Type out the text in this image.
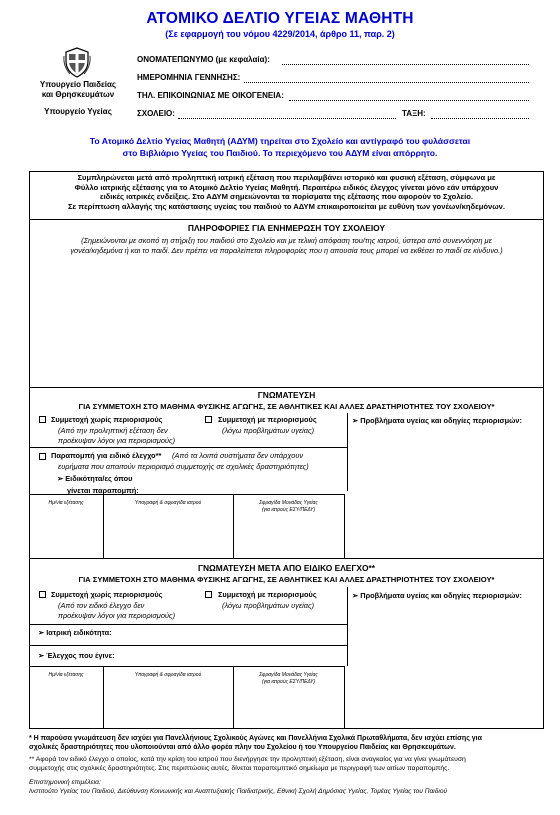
ΑΤΟΜΙΚΟ ΔΕΛΤΙΟ ΥΓΕΙΑΣ ΜΑΘΗΤΗ
(Σε εφαρμογή του νόμου 4229/2014, άρθρο 11, παρ. 2)
Υπουργείο Παιδείας
και Θρησκευμάτων
Υπουργείο Υγείας
ΟΝΟΜΑΤΕΠΩΝΥΜΟ (με κεφαλαία):
ΗΜΕΡΟΜΗΝΙΑ ΓΕΝΝΗΣΗΣ:
ΤΗΛ. ΕΠΙΚΟΙΝΩΝΙΑΣ ΜΕ ΟΙΚΟΓΕΝΕΙΑ:
ΣΧΟΛΕΙΟ:	ΤΑΞΗ:
Το Ατομικό Δελτίο Υγείας Μαθητή (ΑΔΥΜ) τηρείται στο Σχολείο και αντίγραφό του φυλάσσεται
στο Βιβλιάριο Υγείας του Παιδιού. Το περιεχόμενο του ΑΔΥΜ είναι απόρρητο.
Συμπληρώνεται μετά από προληπτική ιατρική εξέταση που περιλαμβάνει ιστορικό και φυσική εξέταση, σύμφωνα με
Φύλλο ιατρικής εξέτασης για το Ατομικό Δελτίο Υγείας Μαθητή. Περαιτέρω ειδικός έλεγχος γίνεται μόνο εάν υπάρχουν
ειδικές ιατρικές ενδείξεις. Στο ΑΔΥΜ σημειώνονται τα πορίσματα της εξέτασης που αφορούν το Σχολείο.
Σε περίπτωση αλλαγής της κατάστασης υγείας του παιδιού το ΑΔΥΜ επικαιροποιείται με ευθύνη των γονέων/κηδεμόνων.
ΠΛΗΡΟΦΟΡΙΕΣ ΓΙΑ ΕΝΗΜΕΡΩΣΗ ΤΟΥ ΣΧΟΛΕΙΟΥ
(Σημειώνονται με σκοπό τη στήριξη του παιδιού στο Σχολείο και με τελική απόφαση του/της ιατρού, ύστερα από συνεννόηση με
γονέα/κηδεμόνα ή και το παιδί. Δεν πρέπει να παραλείπεται πληροφορίες που η απουσία τους μπορεί να εκθέσει το παιδί σε κίνδυνο.)
ΓΝΩΜΑΤΕΥΣΗ
ΓΙΑ ΣΥΜΜΕΤΟΧΗ ΣΤΟ ΜΑΘΗΜΑ ΦΥΣΙΚΗΣ ΑΓΩΓΗΣ, ΣΕ ΑΘΛΗΤΙΚΕΣ ΚΑΙ ΑΛΛΕΣ ΔΡΑΣΤΗΡΙΟΤΗΤΕΣ ΤΟΥ ΣΧΟΛΕΙΟΥ*
Συμμετοχή χωρίς περιορισμούς
(Από την προληπτική εξέταση δεν
προέκυψαν λόγοι για περιορισμούς)
Συμμετοχή με περιορισμούς
(λόγω προβλημάτων υγείας)
➢ Προβλήματα υγείας και οδηγίες περιορισμών:
Παραπομπή για ειδικό έλεγχο** (Από τα λοιπά συστήματα δεν υπάρχουν
ευρήματα που απαιτούν περιορισμό συμμετοχής σε σχολικές δραστηριότητες)
➢ Ειδικότητα/ες όπου
γίνεται παραπομπή:
Ημ/νία εξέτασης	Υπογραφή & σφραγίδα ιατρού	Σφραγίδα Μονάδας Υγείας
(για ιατρούς ΕΣΥ/ΠΕΔΥ)
ΓΝΩΜΑΤΕΥΣΗ ΜΕΤΑ ΑΠΟ ΕΙΔΙΚΟ ΕΛΕΓΧΟ**
ΓΙΑ ΣΥΜΜΕΤΟΧΗ ΣΤΟ ΜΑΘΗΜΑ ΦΥΣΙΚΗΣ ΑΓΩΓΗΣ, ΣΕ ΑΘΛΗΤΙΚΕΣ ΚΑΙ ΑΛΛΕΣ ΔΡΑΣΤΗΡΙΟΤΗΤΕΣ ΤΟΥ ΣΧΟΛΕΙΟΥ*
Συμμετοχή χωρίς περιορισμούς
(Από τον ειδικό έλεγχο δεν
προέκυψαν λόγοι για περιορισμούς)
Συμμετοχή με περιορισμούς
(λόγω προβλημάτων υγείας)
➢ Προβλήματα υγείας και οδηγίες περιορισμών:
➢ Ιατρική ειδικότητα:
➢ Έλεγχος που έγινε:
Ημ/νία εξέτασης	Υπογραφή & σφραγίδα ιατρού	Σφραγίδα Μονάδας Υγείας
(για ιατρούς ΕΣΥ/ΠΕΔΥ)
* Η παρούσα γνωμάτευση δεν ισχύει για Πανελλήνιους Σχολικούς Αγώνες και Πανελλήνια Σχολικά Πρωταθλήματα, δεν ισχύει επίσης για
σχολικές δραστηριότητες που υλοποιούνται από άλλο φορέα πλην του Σχολείου ή του Υπουργείου Παιδείας και Θρησκευμάτων.
** Αφορά τον ειδικό έλεγχο ο οποίος, κατά την κρίση του ιατρού που διενήργησε την προληπτική εξέταση, είναι αναγκαίος για να γίνει γνωμάτευση
συμμετοχής στις σχολικές δραστηριότητες. Στις περιπτώσεις αυτές, δίνεται παραπεμπτικό σημείωμα με περιγραφή των αιτίων παραπομπής.
Επιστημονική επιμέλεια:
Ινστιτούτο Υγείας του Παιδιού, Διεύθυνση Κοινωνικής και Αναπτυξιακής Παιδιατρικής, Εθνική Σχολή Δημόσιας Υγείας, Τομέας Υγείας του Παιδιού
